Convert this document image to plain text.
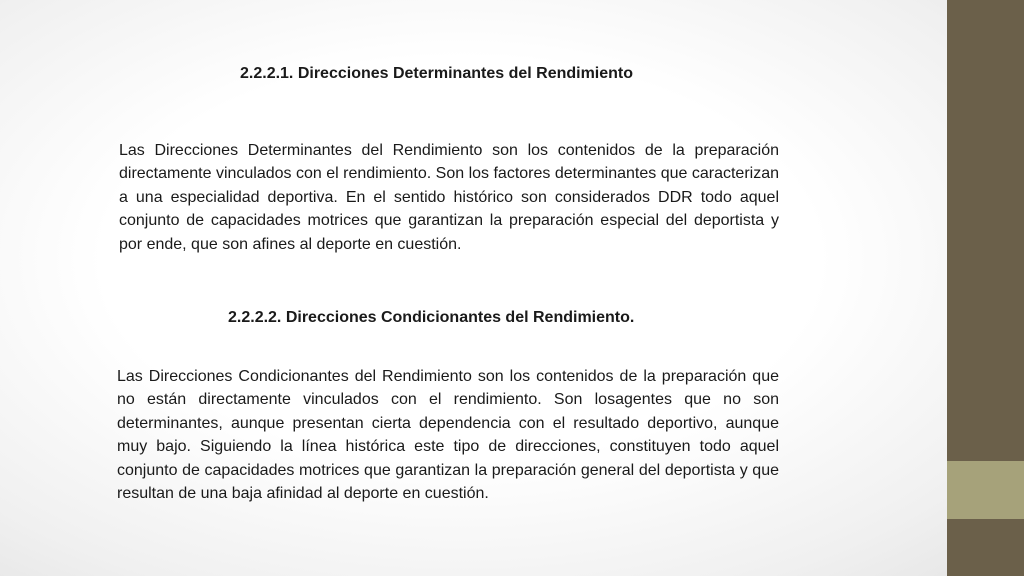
2.2.2.1. Direcciones Determinantes del Rendimiento

Las Direcciones Determinantes del Rendimiento son los contenidos de la preparación directamente vinculados con el rendimiento. Son los factores determinantes que caracterizan a una especialidad deportiva. En el sentido histórico son considerados DDR todo aquel conjunto de capacidades motrices que garantizan la preparación especial del deportista y por ende, que son afines al deporte en cuestión.

2.2.2.2. Direcciones Condicionantes del Rendimiento.

Las Direcciones Condicionantes del Rendimiento son los contenidos de la preparación que no están directamente vinculados con el rendimiento. Son losagentes que no son determinantes, aunque presentan cierta dependencia con el resultado deportivo, aunque muy bajo. Siguiendo la línea histórica este tipo de direcciones, constituyen todo aquel conjunto de capacidades motrices que garantizan la preparación general del deportista y que resultan de una baja afinidad al deporte en cuestión.
